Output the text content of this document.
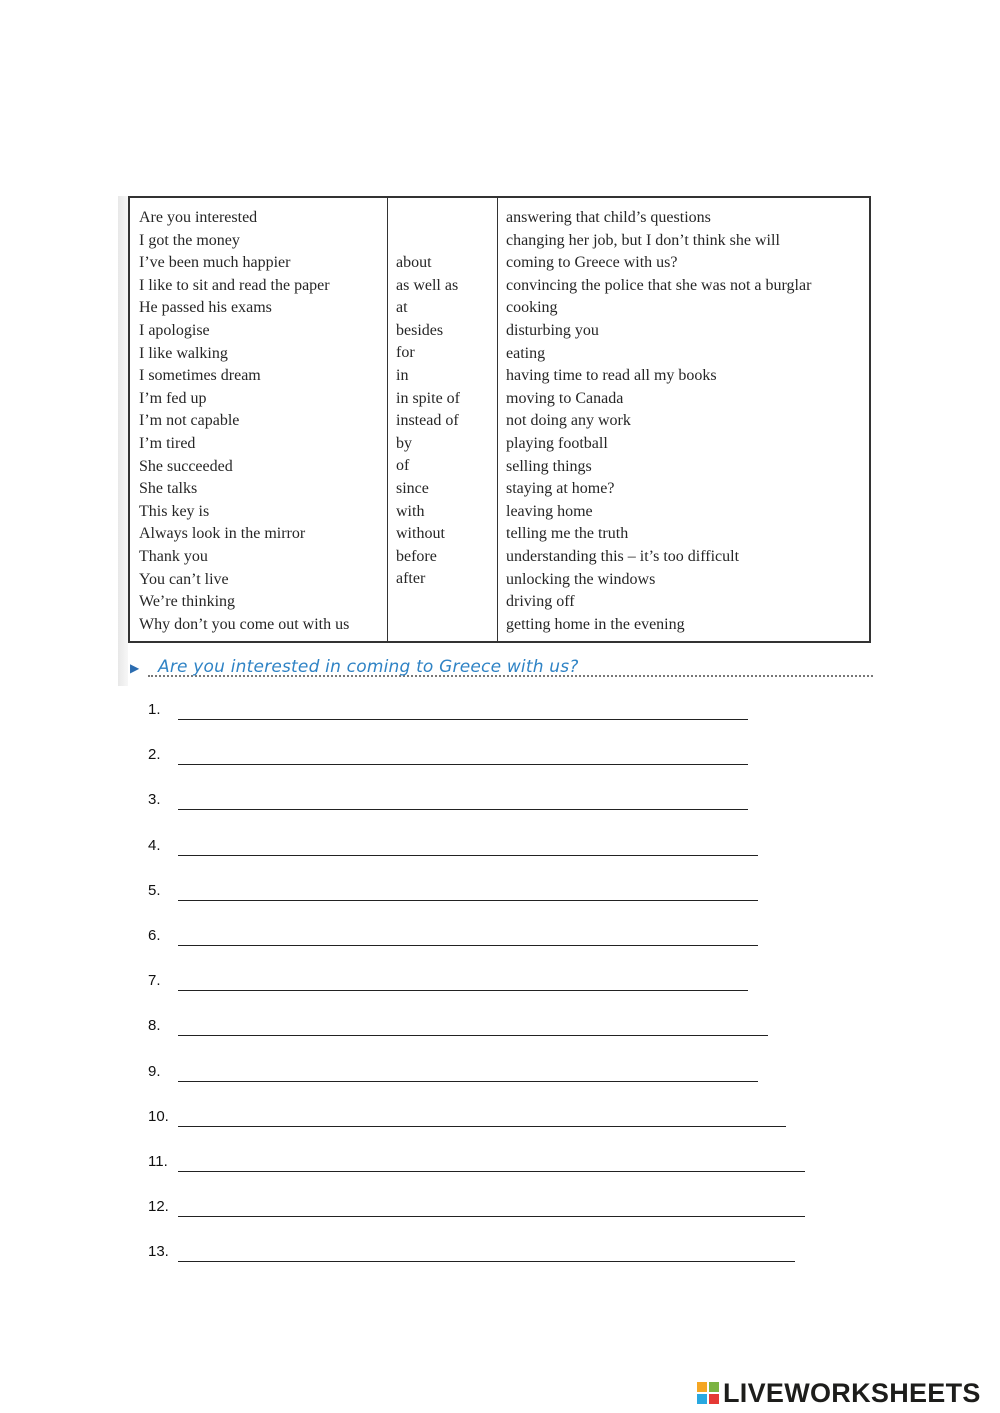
Are you interested
I got the money
I’ve been much happier
I like to sit and read the paper
He passed his exams
I apologise
I like walking
I sometimes dream
I’m fed up
I’m not capable
I’m tired
She succeeded
She talks
This key is
Always look in the mirror
Thank you
You can’t live
We’re thinking
Why don’t you come out with us
about
as well as
at
besides
for
in
in spite of
instead of
by
of
since
with
without
before
after
answering that child’s questions
changing her job, but I don’t think she will
coming to Greece with us?
convincing the police that she was not a burglar
cooking
disturbing you
eating
having time to read all my books
moving to Canada
not doing any work
playing football
selling things
staying at home?
leaving home
telling me the truth
understanding this – it’s too difficult
unlocking the windows
driving off
getting home in the evening
▶ Are you interested in coming to Greece with us?
1.
2.
3.
4.
5.
6.
7.
8.
9.
10.
11.
12.
13.
LIVEWORKSHEETS
